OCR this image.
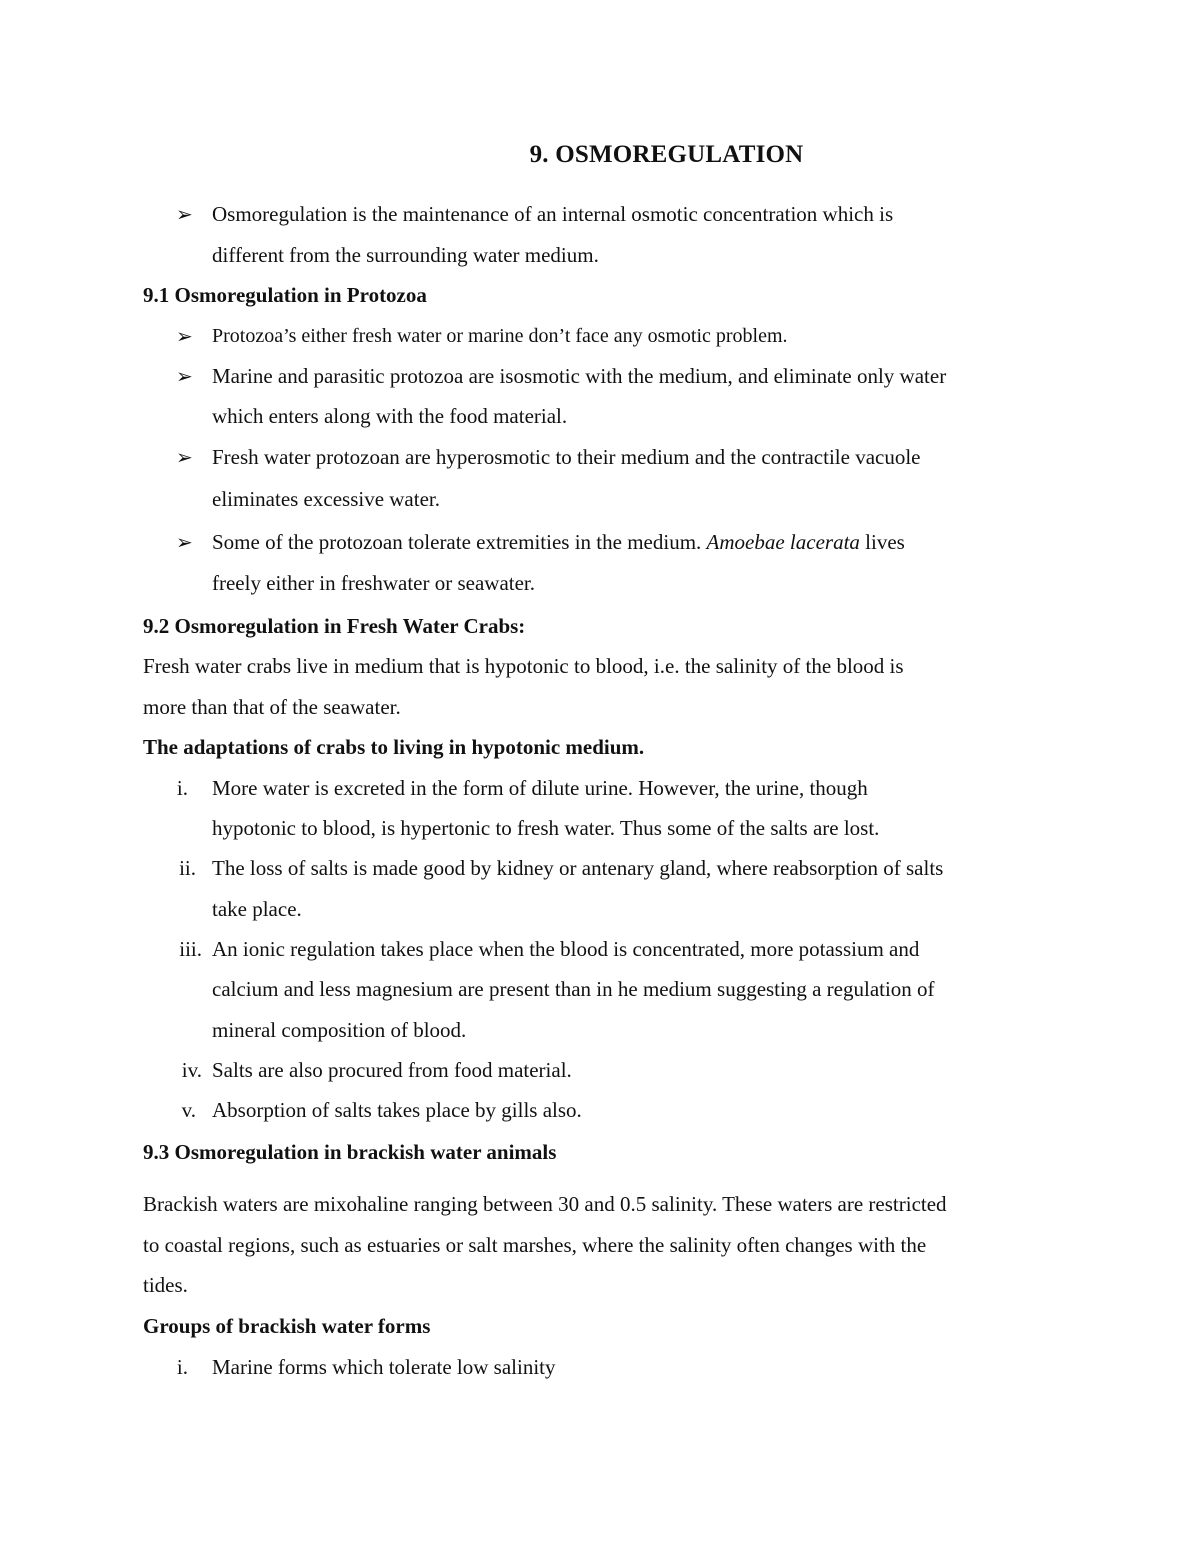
9. OSMOREGULATION
➢ Osmoregulation is the maintenance of an internal osmotic concentration which is
different from the surrounding water medium.
9.1 Osmoregulation in Protozoa
➢ Protozoa’s either fresh water or marine don’t face any osmotic problem.
➢ Marine and parasitic protozoa are isosmotic with the medium, and eliminate only water
which enters along with the food material.
➢ Fresh water protozoan are hyperosmotic to their medium and the contractile vacuole
eliminates excessive water.
➢ Some of the protozoan tolerate extremities in the medium. Amoebae lacerata lives
freely either in freshwater or seawater.
9.2 Osmoregulation in Fresh Water Crabs:
Fresh water crabs live in medium that is hypotonic to blood, i.e. the salinity of the blood is
more than that of the seawater.
The adaptations of crabs to living in hypotonic medium.
i. More water is excreted in the form of dilute urine. However, the urine, though
hypotonic to blood, is hypertonic to fresh water. Thus some of the salts are lost.
ii. The loss of salts is made good by kidney or antenary gland, where reabsorption of salts
take place.
iii. An ionic regulation takes place when the blood is concentrated, more potassium and
calcium and less magnesium are present than in he medium suggesting a regulation of
mineral composition of blood.
iv. Salts are also procured from food material.
v. Absorption of salts takes place by gills also.
9.3 Osmoregulation in brackish water animals
Brackish waters are mixohaline ranging between 30 and 0.5 salinity. These waters are restricted
to coastal regions, such as estuaries or salt marshes, where the salinity often changes with the
tides.
Groups of brackish water forms
i. Marine forms which tolerate low salinity
